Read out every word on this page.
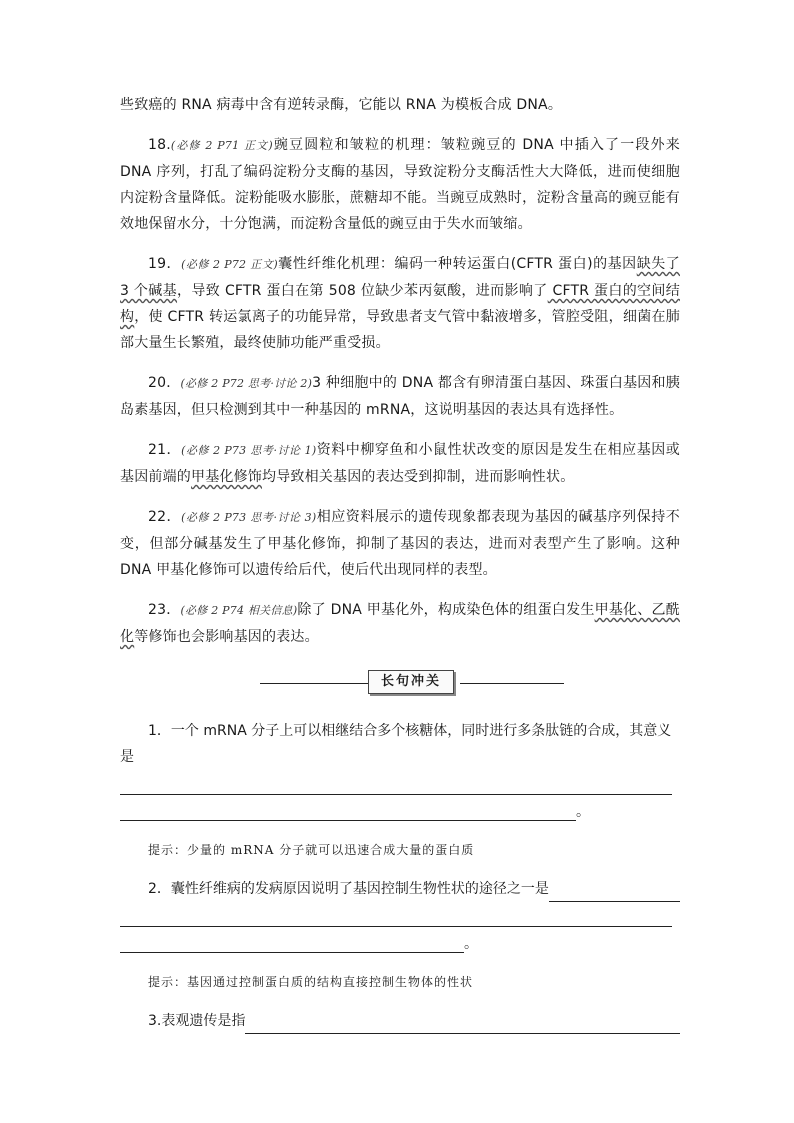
些致癌的 RNA 病毒中含有逆转录酶，它能以 RNA 为模板合成 DNA。

18.(必修 2 P71 正文)豌豆圆粒和皱粒的机理：皱粒豌豆的 DNA 中插入了一段外来 DNA 序列，打乱了编码淀粉分支酶的基因，导致淀粉分支酶活性大大降低，进而使细胞内淀粉含量降低。淀粉能吸水膨胀，蔗糖却不能。当豌豆成熟时，淀粉含量高的豌豆能有效地保留水分，十分饱满，而淀粉含量低的豌豆由于失水而皱缩。

19．(必修 2 P72 正文)囊性纤维化机理：编码一种转运蛋白(CFTR 蛋白)的基因缺失了 3 个碱基，导致 CFTR 蛋白在第 508 位缺少苯丙氨酸，进而影响了 CFTR 蛋白的空间结构，使 CFTR 转运氯离子的功能异常，导致患者支气管中黏液增多，管腔受阻，细菌在肺部大量生长繁殖，最终使肺功能严重受损。

20．(必修 2 P72 思考·讨论 2)3 种细胞中的 DNA 都含有卵清蛋白基因、珠蛋白基因和胰岛素基因，但只检测到其中一种基因的 mRNA，这说明基因的表达具有选择性。

21．(必修 2 P73 思考·讨论 1)资料中柳穿鱼和小鼠性状改变的原因是发生在相应基因或基因前端的甲基化修饰均导致相关基因的表达受到抑制，进而影响性状。

22．(必修 2 P73 思考·讨论 3)相应资料展示的遗传现象都表现为基因的碱基序列保持不变，但部分碱基发生了甲基化修饰，抑制了基因的表达，进而对表型产生了影响。这种 DNA 甲基化修饰可以遗传给后代，使后代出现同样的表型。

23．(必修 2 P74 相关信息)除了 DNA 甲基化外，构成染色体的组蛋白发生甲基化、乙酰化等修饰也会影响基因的表达。

长句冲关

1．一个 mRNA 分子上可以相继结合多个核糖体，同时进行多条肽链的合成，其意义是

。

提示：少量的 mRNA 分子就可以迅速合成大量的蛋白质

2．囊性纤维病的发病原因说明了基因控制生物性状的途径之一是
。

提示：基因通过控制蛋白质的结构直接控制生物体的性状

3.表观遗传是指
